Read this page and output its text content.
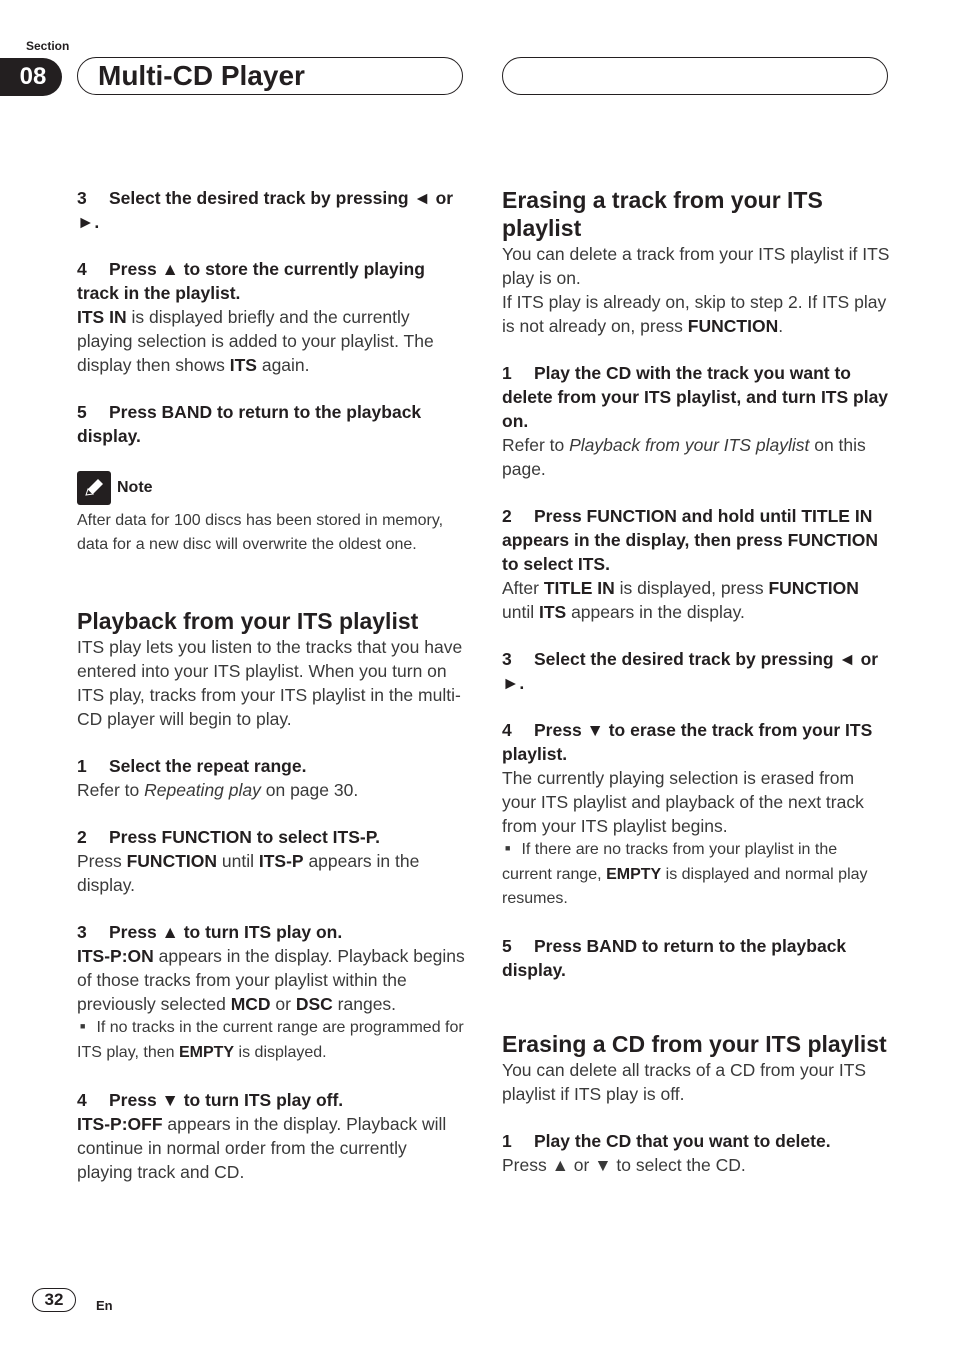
Section
08	Multi-CD Player

3 Select the desired track by pressing ◄ or ►.

4 Press ▲ to store the currently playing track in the playlist.

ITS IN is displayed briefly and the currently playing selection is added to your playlist. The display then shows ITS again.

5 Press BAND to return to the playback display.

Note

After data for 100 discs has been stored in memory, data for a new disc will overwrite the oldest one.

Playback from your ITS playlist

ITS play lets you listen to the tracks that you have entered into your ITS playlist. When you turn on ITS play, tracks from your ITS playlist in the multi-CD player will begin to play.

1 Select the repeat range.

Refer to Repeating play on page 30.

2 Press FUNCTION to select ITS-P.

Press FUNCTION until ITS-P appears in the display.

3 Press ▲ to turn ITS play on.

ITS-P:ON appears in the display. Playback begins of those tracks from your playlist within the previously selected MCD or DSC ranges.

■ If no tracks in the current range are programmed for ITS play, then EMPTY is displayed.

4 Press ▼ to turn ITS play off.

ITS-P:OFF appears in the display. Playback will continue in normal order from the currently playing track and CD.

Erasing a track from your ITS playlist

You can delete a track from your ITS playlist if ITS play is on.

If ITS play is already on, skip to step 2. If ITS play is not already on, press FUNCTION.

1 Play the CD with the track you want to delete from your ITS playlist, and turn ITS play on.

Refer to Playback from your ITS playlist on this page.

2 Press FUNCTION and hold until TITLE IN appears in the display, then press FUNCTION to select ITS.

After TITLE IN is displayed, press FUNCTION until ITS appears in the display.

3 Select the desired track by pressing ◄ or ►.

4 Press ▼ to erase the track from your ITS playlist.

The currently playing selection is erased from your ITS playlist and playback of the next track from your ITS playlist begins.

■ If there are no tracks from your playlist in the current range, EMPTY is displayed and normal play resumes.

5 Press BAND to return to the playback display.

Erasing a CD from your ITS playlist

You can delete all tracks of a CD from your ITS playlist if ITS play is off.

1 Play the CD that you want to delete.

Press ▲ or ▼ to select the CD.

32	En
